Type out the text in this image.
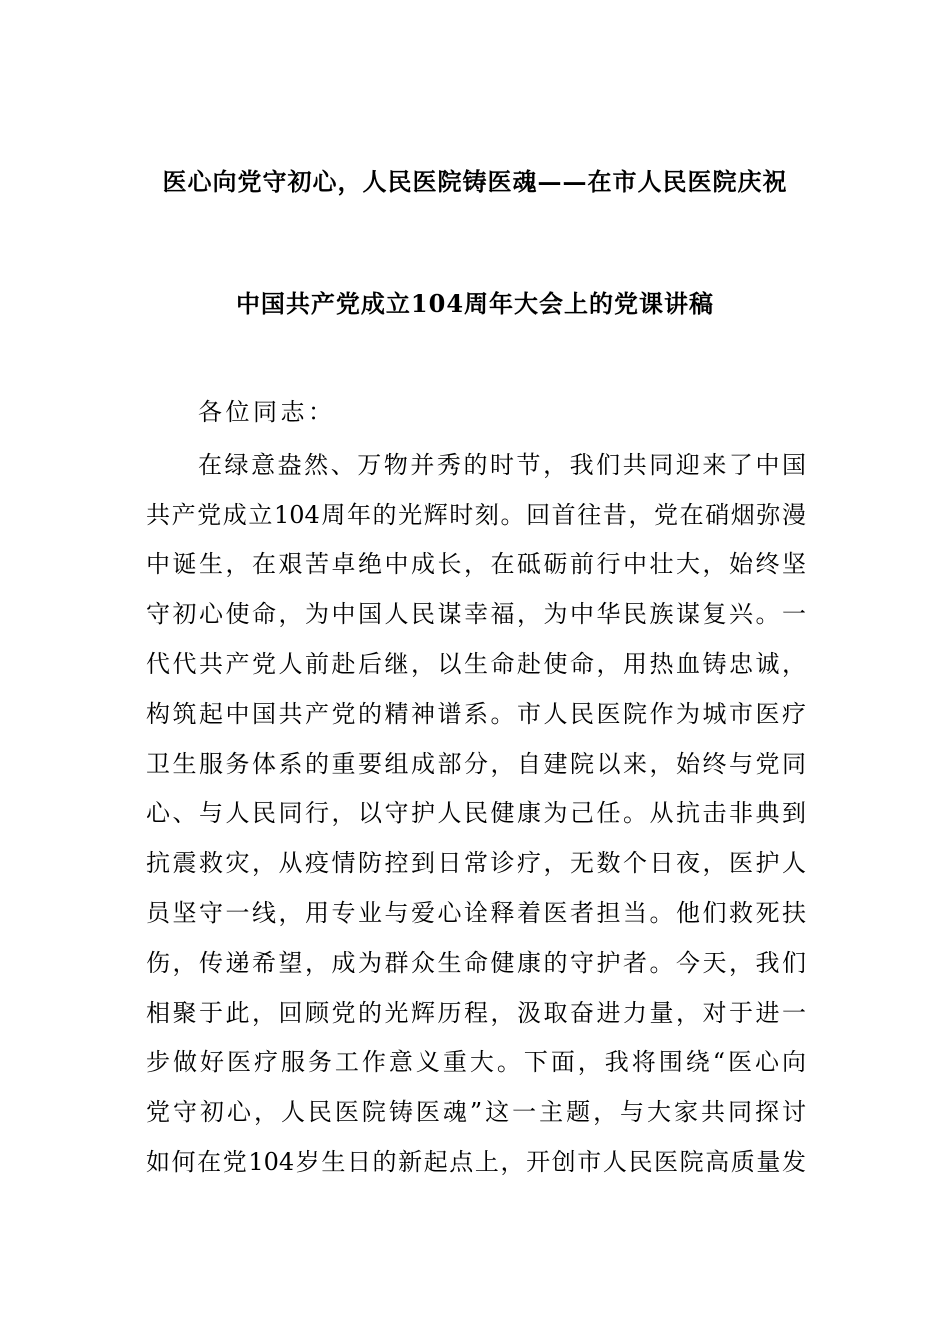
医心向党守初心，人民医院铸医魂——在市人民医院庆祝
中国共产党成立104周年大会上的党课讲稿
各位同志：
在绿意盎然、万物并秀的时节，我们共同迎来了中国
共产党成立104周年的光辉时刻。回首往昔，党在硝烟弥漫
中诞生，在艰苦卓绝中成长，在砥砺前行中壮大，始终坚
守初心使命，为中国人民谋幸福，为中华民族谋复兴。一
代代共产党人前赴后继，以生命赴使命，用热血铸忠诚，
构筑起中国共产党的精神谱系。市人民医院作为城市医疗
卫生服务体系的重要组成部分，自建院以来，始终与党同
心、与人民同行，以守护人民健康为己任。从抗击非典到
抗震救灾，从疫情防控到日常诊疗，无数个日夜，医护人
员坚守一线，用专业与爱心诠释着医者担当。他们救死扶
伤，传递希望，成为群众生命健康的守护者。今天，我们
相聚于此，回顾党的光辉历程，汲取奋进力量，对于进一
步做好医疗服务工作意义重大。下面，我将围绕“医心向
党守初心，人民医院铸医魂”这一主题，与大家共同探讨
如何在党104岁生日的新起点上，开创市人民医院高质量发
